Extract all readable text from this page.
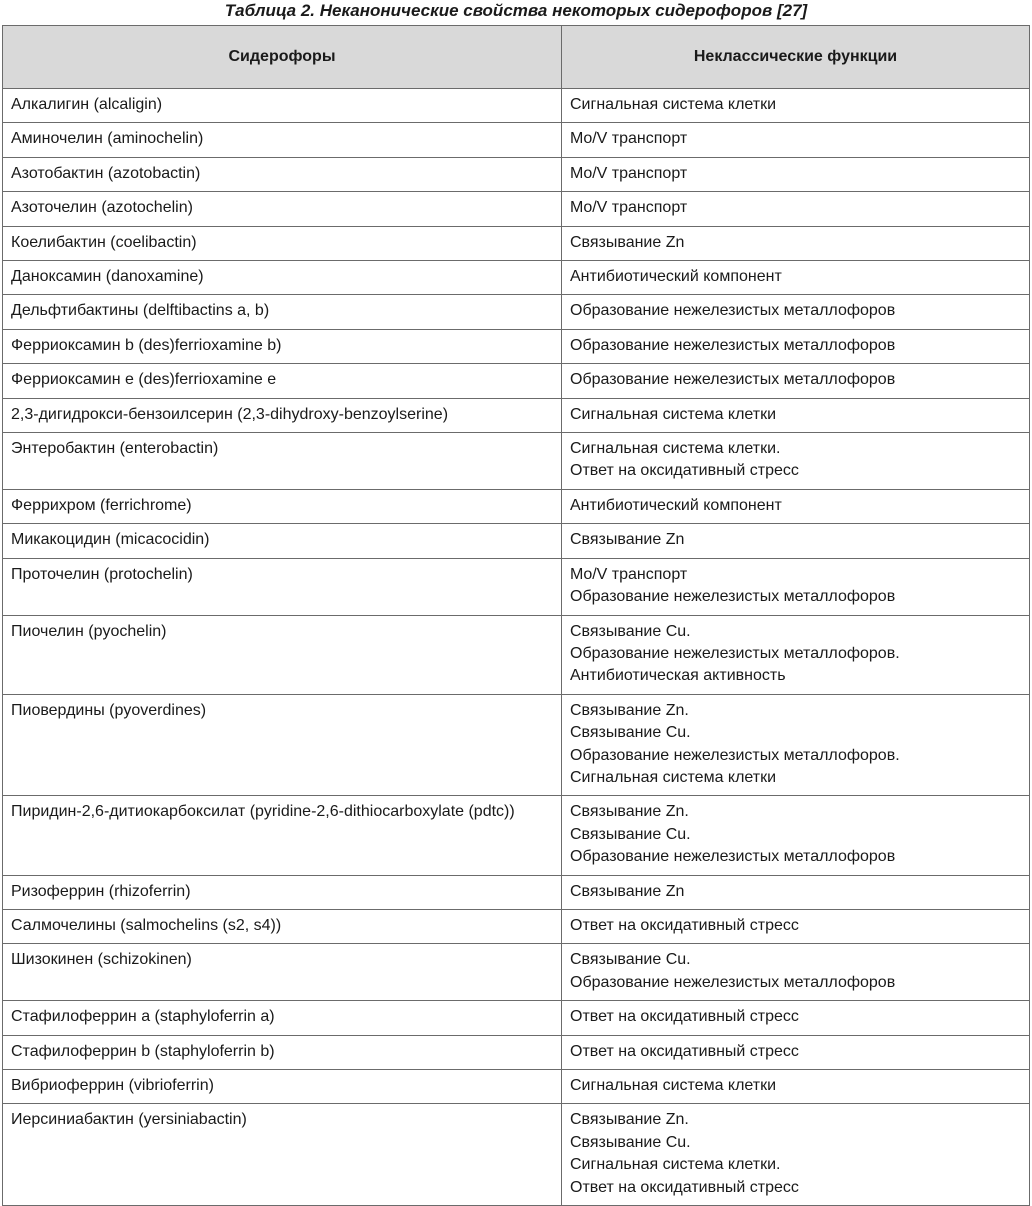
Таблица 2. Неканонические свойства некоторых сидерофоров [27]
Сидерофоры	Неклассические функции
Алкалигин (alcaligin)	Сигнальная система клетки

Аминочелин (aminochelin)	Mo/V транспорт

Азотобактин (azotobactin)	Mo/V транспорт

Азоточелин (azotochelin)	Mo/V транспорт

Коелибактин (coelibactin)	Связывание Zn

Даноксамин (danoxamine)	Антибиотический компонент

Дельфтибактины (delftibactins a, b)	Образование нежелезистых металлофоров

Ферриоксамин b (des)ferrioxamine b)	Образование нежелезистых металлофоров

Ферриоксамин е (des)ferrioxamine e	Образование нежелезистых металлофоров

2,3-дигидрокси-бензоилсерин (2,3-dihydroxy-benzoylserine)	Сигнальная система клетки

Энтеробактин (enterobactin)	Сигнальная система клетки.
Ответ на оксидативный стресс

Феррихром (ferrichrome)	Антибиотический компонент

Микакоцидин (micacocidin)	Связывание Zn

Проточелин (protochelin)	Mo/V транспорт
Образование нежелезистых металлофоров

Пиочелин (pyochelin)	Связывание Cu.
Образование нежелезистых металлофоров.
Антибиотическая активность

Пиовердины (pyoverdines)	Связывание Zn.
Связывание Cu.
Образование нежелезистых металлофоров.
Сигнальная система клетки

Пиридин-2,6-дитиокарбоксилат (pyridine-2,6-dithiocarboxylate (pdtc))	Связывание Zn.
Связывание Cu.
Образование нежелезистых металлофоров

Ризоферрин (rhizoferrin)	Связывание Zn

Салмочелины (salmochelins (s2, s4))	Ответ на оксидативный стресс

Шизокинен (schizokinen)	Связывание Cu.
Образование нежелезистых металлофоров

Стафилоферрин а (staphyloferrin a)	Ответ на оксидативный стресс

Стафилоферрин b (staphyloferrin b)	Ответ на оксидативный стресс

Вибриоферрин (vibrioferrin)	Сигнальная система клетки

Иерсиниабактин (yersiniabactin)	Связывание Zn.
Связывание Cu.
Сигнальная система клетки.
Ответ на оксидативный стресс
